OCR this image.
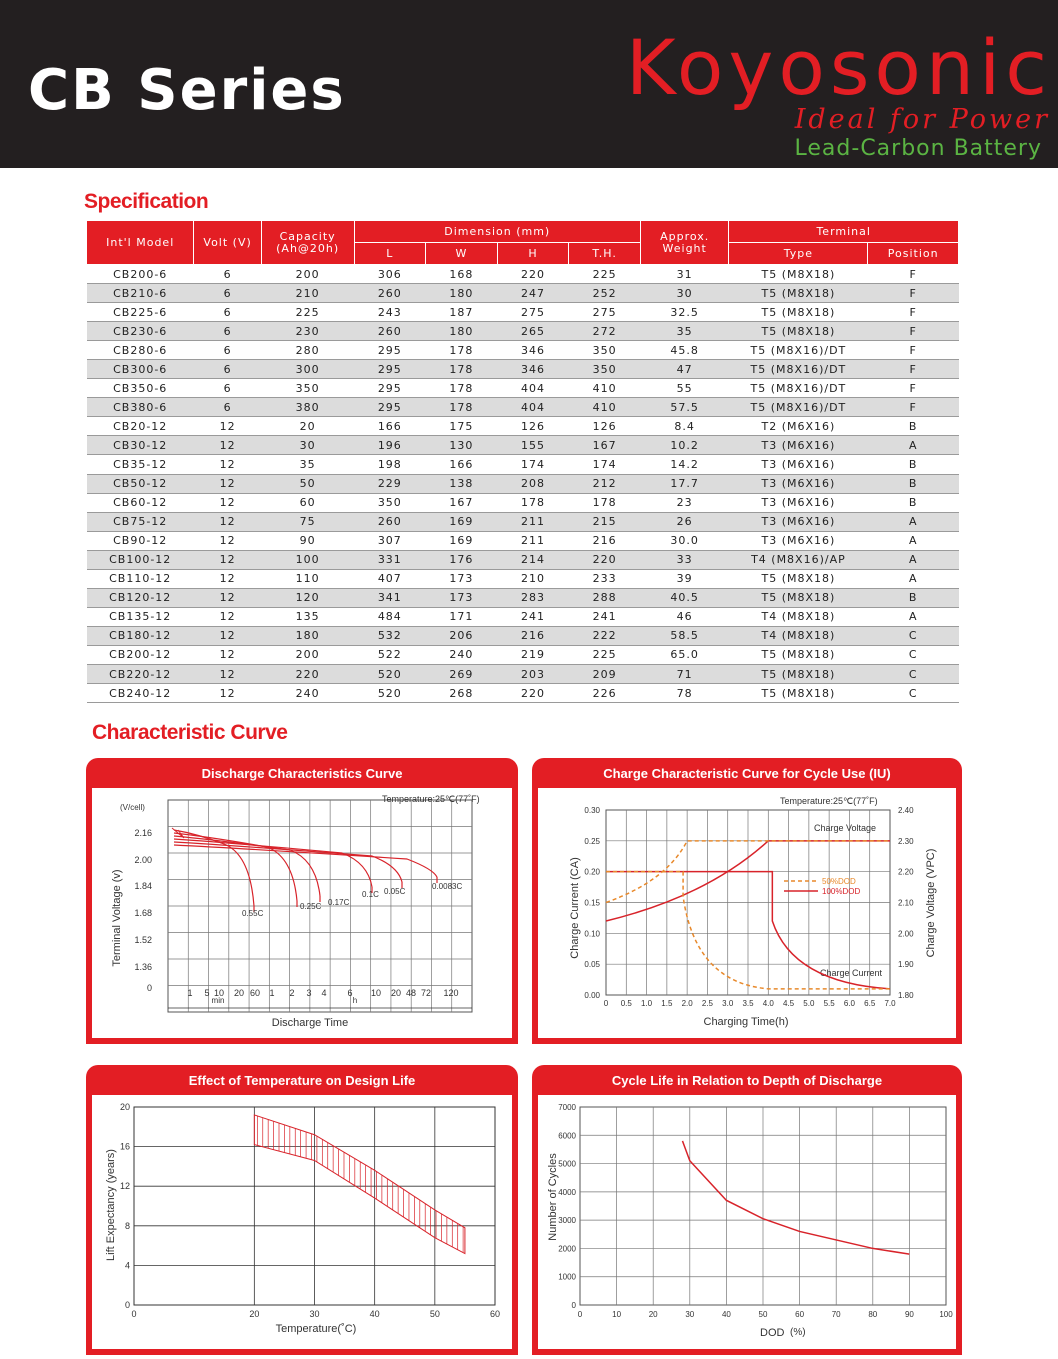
CB Series	Koyosonic
Ideal for Power
Lead-Carbon Battery
Specification
Int'l Model	Volt (V)	Capacity (Ah@20h)	Dimension (mm)				Approx. Weight	Terminal	
			L	W	H	T.H.		Type	Position
CB200-6	6	200	306	168	220	225	31	T5 (M8X18)	F
CB210-6	6	210	260	180	247	252	30	T5 (M8X18)	F
CB225-6	6	225	243	187	275	275	32.5	T5 (M8X18)	F
CB230-6	6	230	260	180	265	272	35	T5 (M8X18)	F
CB280-6	6	280	295	178	346	350	45.8	T5 (M8X16)/DT	F
CB300-6	6	300	295	178	346	350	47	T5 (M8X16)/DT	F
CB350-6	6	350	295	178	404	410	55	T5 (M8X16)/DT	F
CB380-6	6	380	295	178	404	410	57.5	T5 (M8X16)/DT	F
CB20-12	12	20	166	175	126	126	8.4	T2 (M6X16)	B
CB30-12	12	30	196	130	155	167	10.2	T3 (M6X16)	A
CB35-12	12	35	198	166	174	174	14.2	T3 (M6X16)	B
CB50-12	12	50	229	138	208	212	17.7	T3 (M6X16)	B
CB60-12	12	60	350	167	178	178	23	T3 (M6X16)	B
CB75-12	12	75	260	169	211	215	26	T3 (M6X16)	A
CB90-12	12	90	307	169	211	216	30.0	T3 (M6X16)	A
CB100-12	12	100	331	176	214	220	33	T4 (M8X16)/AP	A
CB110-12	12	110	407	173	210	233	39	T5 (M8X18)	A
CB120-12	12	120	341	173	283	288	40.5	T5 (M8X18)	B
CB135-12	12	135	484	171	241	241	46	T4 (M8X18)	A
CB180-12	12	180	532	206	216	222	58.5	T4 (M8X18)	C
CB200-12	12	200	522	240	219	225	65.0	T5 (M8X18)	C
CB220-12	12	220	520	269	203	209	71	T5 (M8X18)	C
CB240-12	12	240	520	268	220	226	78	T5 (M8X18)	C
Characteristic Curve
Discharge Characteristics Curve
Temperature:25℃(77˚F)
(V/cell)
2.16
2.00
1.84
1.68
1.52
1.36
0	1 5 10 20 60 1 2 3 4 6 10 20 48 72 120
min	h
Discharge Time
Terminal Voltage (v)	0.55C
0.25C 0.17C
0.1C 0.05C
0.0083C
Charge Characteristic Curve for Cycle Use (IU)
Temperature:25℃(77˚F)
0.30
0.25
0.20
0.15
0.10
0.05
0.00
2.40
2.30
2.20
2.10
2.00
1.90
1.80
0 0.5 1.0 1.5 2.0 2.5 3.0 3.5 4.0 4.5 5.0 5.5 6.0 6.5 7.0
Charging Time(h)
Charge Current (CA)	Charge Voltage (VPC)
Charge Voltage
Charge Current
50%DOD
100%DOD
Effect of Temperature on Design Life
20
16
12
8
4
0
0	20	30	40	50	60
Temperature(˚C)
Lift Expectancy (years)
Cycle Life in Relation to Depth of Discharge
7000
6000
5000
4000
3000
2000
1000
0
0	10	20	30	40	50	60	70	80	90	100
DOD (%)
Number of Cycles
